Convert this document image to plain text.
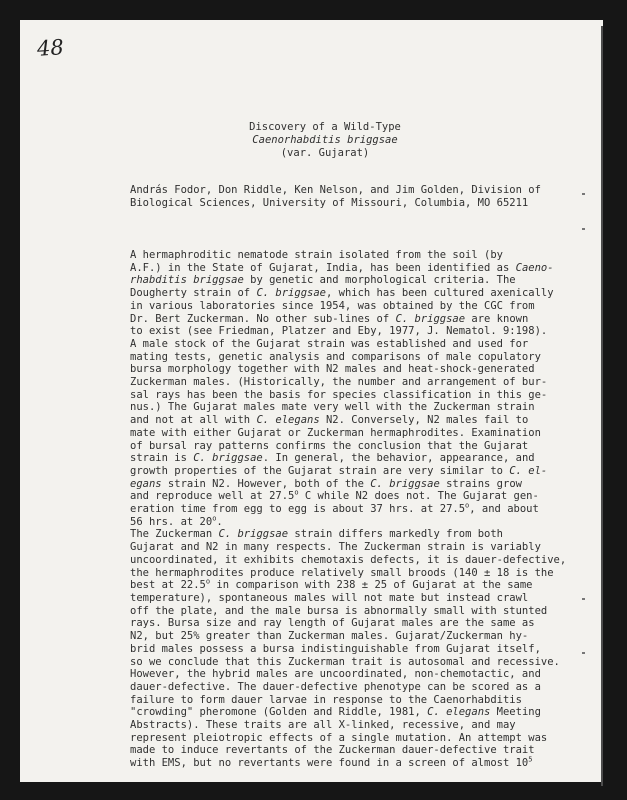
48
Discovery of a Wild-Type
Caenorhabditis briggsae
(var. Gujarat)
András Fodor, Don Riddle, Ken Nelson, and Jim Golden, Division of
Biological Sciences, University of Missouri, Columbia, MO 65211
A hermaphroditic nematode strain isolated from the soil (by
A.F.) in the State of Gujarat, India, has been identified as Caeno-
rhabditis briggsae by genetic and morphological criteria. The
Dougherty strain of C. briggsae, which has been cultured axenically
in various laboratories since 1954, was obtained by the CGC from
Dr. Bert Zuckerman. No other sub-lines of C. briggsae are known
to exist (see Friedman, Platzer and Eby, 1977, J. Nematol. 9:198).
A male stock of the Gujarat strain was established and used for
mating tests, genetic analysis and comparisons of male copulatory
bursa morphology together with N2 males and heat-shock-generated
Zuckerman males. (Historically, the number and arrangement of bur-
sal rays has been the basis for species classification in this ge-
nus.) The Gujarat males mate very well with the Zuckerman strain
and not at all with C. elegans N2. Conversely, N2 males fail to
mate with either Gujarat or Zuckerman hermaphrodites. Examination
of bursal ray patterns confirms the conclusion that the Gujarat
strain is C. briggsae. In general, the behavior, appearance, and
growth properties of the Gujarat strain are very similar to C. el-
egans strain N2. However, both of the C. briggsae strains grow
and reproduce well at 27.5$^o$ C while N2 does not. The Gujarat gen-
eration time from egg to egg is about 37 hrs. at 27.5$^o$, and about
56 hrs. at 20$^o$.
The Zuckerman C. briggsae strain differs markedly from both
Gujarat and N2 in many respects. The Zuckerman strain is variably
uncoordinated, it exhibits chemotaxis defects, it is dauer-defective,
the hermaphrodites produce relatively small broods (140 ± 18 is the
best at 22.5$^o$ in comparison with 238 ± 25 of Gujarat at the same
temperature), spontaneous males will not mate but instead crawl
off the plate, and the male bursa is abnormally small with stunted
rays. Bursa size and ray length of Gujarat males are the same as
N2, but 25% greater than Zuckerman males. Gujarat/Zuckerman hy-
brid males possess a bursa indistinguishable from Gujarat itself,
so we conclude that this Zuckerman trait is autosomal and recessive.
However, the hybrid males are uncoordinated, non-chemotactic, and
dauer-defective. The dauer-defective phenotype can be scored as a
failure to form dauer larvae in response to the Caenorhabditis
"crowding" pheromone (Golden and Riddle, 1981, C. elegans Meeting
Abstracts). These traits are all X-linked, recessive, and may
represent pleiotropic effects of a single mutation. An attempt was
made to induce revertants of the Zuckerman dauer-defective trait
with EMS, but no revertants were found in a screen of almost $10^5$
